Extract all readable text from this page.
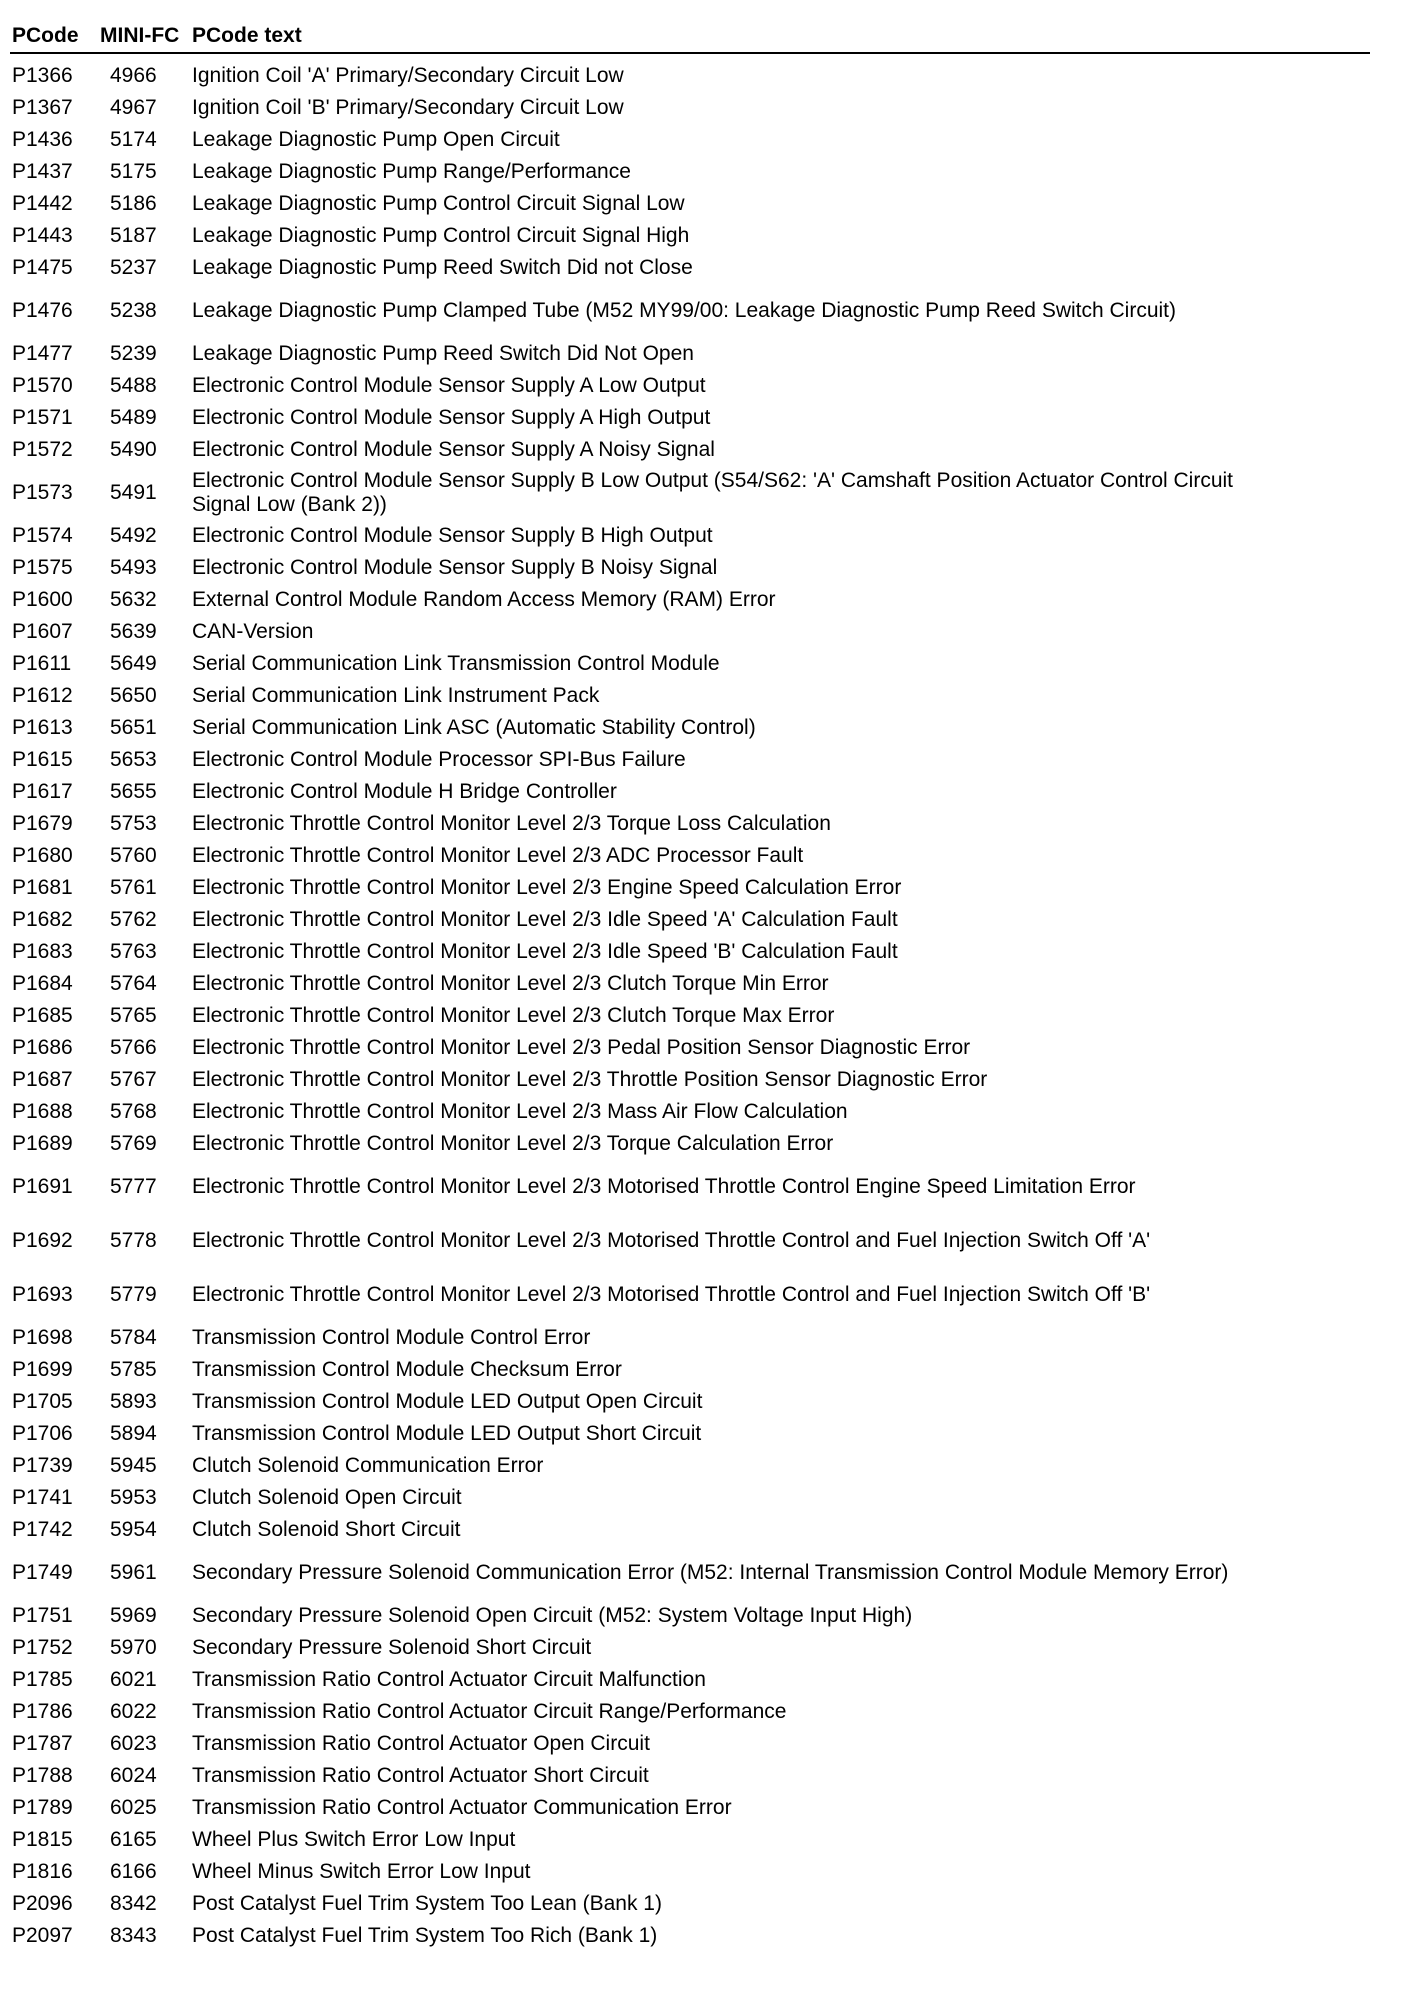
PCode	MINI-FC	PCode text
P1366	4966	Ignition Coil 'A' Primary/Secondary Circuit Low
P1367	4967	Ignition Coil 'B' Primary/Secondary Circuit Low
P1436	5174	Leakage Diagnostic Pump Open Circuit
P1437	5175	Leakage Diagnostic Pump Range/Performance
P1442	5186	Leakage Diagnostic Pump Control Circuit Signal Low
P1443	5187	Leakage Diagnostic Pump Control Circuit Signal High
P1475	5237	Leakage Diagnostic Pump Reed Switch Did not Close
P1476	5238	Leakage Diagnostic Pump Clamped Tube (M52 MY99/00: Leakage Diagnostic Pump Reed Switch Circuit)
P1477	5239	Leakage Diagnostic Pump Reed Switch Did Not Open
P1570	5488	Electronic Control Module Sensor Supply A Low Output
P1571	5489	Electronic Control Module Sensor Supply A High Output
P1572	5490	Electronic Control Module Sensor Supply A Noisy Signal
P1573	5491	Electronic Control Module Sensor Supply B Low Output (S54/S62: 'A' Camshaft Position Actuator Control Circuit Signal Low (Bank 2))
P1574	5492	Electronic Control Module Sensor Supply B High Output
P1575	5493	Electronic Control Module Sensor Supply B Noisy Signal
P1600	5632	External Control Module Random Access Memory (RAM) Error
P1607	5639	CAN-Version
P1611	5649	Serial Communication Link Transmission Control Module
P1612	5650	Serial Communication Link Instrument Pack
P1613	5651	Serial Communication Link ASC (Automatic Stability Control)
P1615	5653	Electronic Control Module Processor SPI-Bus Failure
P1617	5655	Electronic Control Module H Bridge Controller
P1679	5753	Electronic Throttle Control Monitor Level 2/3 Torque Loss Calculation
P1680	5760	Electronic Throttle Control Monitor Level 2/3 ADC Processor Fault
P1681	5761	Electronic Throttle Control Monitor Level 2/3 Engine Speed Calculation Error
P1682	5762	Electronic Throttle Control Monitor Level 2/3 Idle Speed 'A' Calculation Fault
P1683	5763	Electronic Throttle Control Monitor Level 2/3 Idle Speed 'B' Calculation Fault
P1684	5764	Electronic Throttle Control Monitor Level 2/3 Clutch Torque Min Error
P1685	5765	Electronic Throttle Control Monitor Level 2/3 Clutch Torque Max Error
P1686	5766	Electronic Throttle Control Monitor Level 2/3 Pedal Position Sensor Diagnostic Error
P1687	5767	Electronic Throttle Control Monitor Level 2/3 Throttle Position Sensor Diagnostic Error
P1688	5768	Electronic Throttle Control Monitor Level 2/3 Mass Air Flow Calculation
P1689	5769	Electronic Throttle Control Monitor Level 2/3 Torque Calculation Error
P1691	5777	Electronic Throttle Control Monitor Level 2/3 Motorised Throttle Control Engine Speed Limitation Error
P1692	5778	Electronic Throttle Control Monitor Level 2/3 Motorised Throttle Control and Fuel Injection Switch Off 'A'
P1693	5779	Electronic Throttle Control Monitor Level 2/3 Motorised Throttle Control and Fuel Injection Switch Off 'B'
P1698	5784	Transmission Control Module Control Error
P1699	5785	Transmission Control Module Checksum Error
P1705	5893	Transmission Control Module LED Output Open Circuit
P1706	5894	Transmission Control Module LED Output Short Circuit
P1739	5945	Clutch Solenoid Communication Error
P1741	5953	Clutch Solenoid Open Circuit
P1742	5954	Clutch Solenoid Short Circuit
P1749	5961	Secondary Pressure Solenoid Communication Error (M52: Internal Transmission Control Module Memory Error)
P1751	5969	Secondary Pressure Solenoid Open Circuit (M52: System Voltage Input High)
P1752	5970	Secondary Pressure Solenoid Short Circuit
P1785	6021	Transmission Ratio Control Actuator Circuit Malfunction
P1786	6022	Transmission Ratio Control Actuator Circuit Range/Performance
P1787	6023	Transmission Ratio Control Actuator Open Circuit
P1788	6024	Transmission Ratio Control Actuator Short Circuit
P1789	6025	Transmission Ratio Control Actuator Communication Error
P1815	6165	Wheel Plus Switch Error Low Input
P1816	6166	Wheel Minus Switch Error Low Input
P2096	8342	Post Catalyst Fuel Trim System Too Lean (Bank 1)
P2097	8343	Post Catalyst Fuel Trim System Too Rich (Bank 1)
